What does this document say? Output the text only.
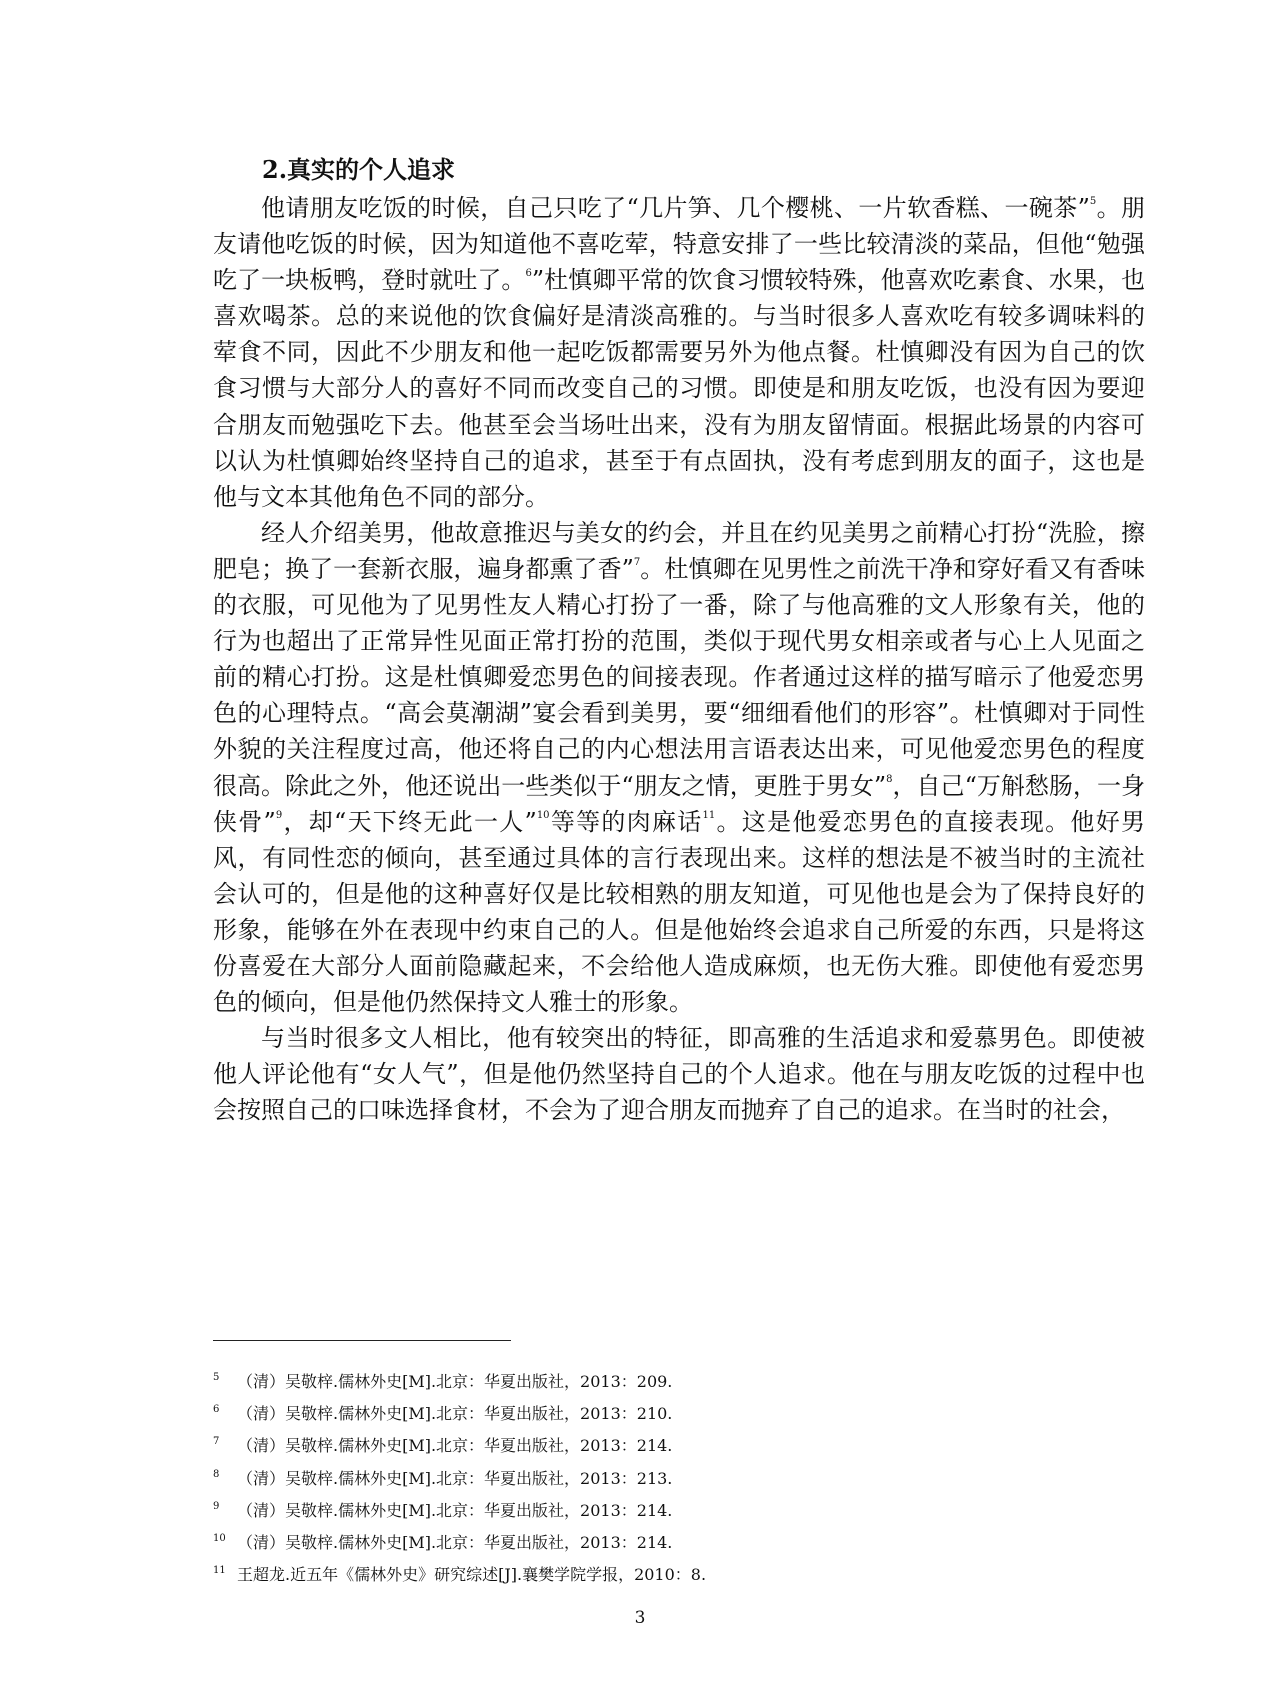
2.真实的个人追求

他请朋友吃饭的时候，自己只吃了“几片笋、几个樱桃、一片软香糕、一碗茶”$^5$。朋友请他吃饭的时候，因为知道他不喜吃荤，特意安排了一些比较清淡的菜品，但他“勉强吃了一块板鸭，登时就吐了。$^6$”杜慎卿平常的饮食习惯较特殊，他喜欢吃素食、水果，也喜欢喝茶。总的来说他的饮食偏好是清淡高雅的。与当时很多人喜欢吃有较多调味料的荤食不同，因此不少朋友和他一起吃饭都需要另外为他点餐。杜慎卿没有因为自己的饮食习惯与大部分人的喜好不同而改变自己的习惯。即使是和朋友吃饭，也没有因为要迎合朋友而勉强吃下去。他甚至会当场吐出来，没有为朋友留情面。根据此场景的内容可以认为杜慎卿始终坚持自己的追求，甚至于有点固执，没有考虑到朋友的面子，这也是他与文本其他角色不同的部分。

经人介绍美男，他故意推迟与美女的约会，并且在约见美男之前精心打扮“洗脸，擦肥皂；换了一套新衣服，遍身都熏了香”$^7$。杜慎卿在见男性之前洗干净和穿好看又有香味的衣服，可见他为了见男性友人精心打扮了一番，除了与他高雅的文人形象有关，他的行为也超出了正常异性见面正常打扮的范围，类似于现代男女相亲或者与心上人见面之前的精心打扮。这是杜慎卿爱恋男色的间接表现。作者通过这样的描写暗示了他爱恋男色的心理特点。“高会莫潮湖”宴会看到美男，要“细细看他们的形容”。杜慎卿对于同性外貌的关注程度过高，他还将自己的内心想法用言语表达出来，可见他爱恋男色的程度很高。除此之外，他还说出一些类似于“朋友之情，更胜于男女”$^8$，自己“万斛愁肠，一身侠骨”$^9$，却“天下终无此一人”$^{10}$等等的肉麻话$^{11}$。这是他爱恋男色的直接表现。他好男风，有同性恋的倾向，甚至通过具体的言行表现出来。这样的想法是不被当时的主流社会认可的，但是他的这种喜好仅是比较相熟的朋友知道，可见他也是会为了保持良好的形象，能够在外在表现中约束自己的人。但是他始终会追求自己所爱的东西，只是将这份喜爱在大部分人面前隐藏起来，不会给他人造成麻烦，也无伤大雅。即使他有爱恋男色的倾向，但是他仍然保持文人雅士的形象。

与当时很多文人相比，他有较突出的特征，即高雅的生活追求和爱慕男色。即使被他人评论他有“女人气”，但是他仍然坚持自己的个人追求。他在与朋友吃饭的过程中也会按照自己的口味选择食材，不会为了迎合朋友而抛弃了自己的追求。在当时的社会，

5 （清）吴敬梓.儒林外史[M].北京：华夏出版社，2013：209.
6 （清）吴敬梓.儒林外史[M].北京：华夏出版社，2013：210.
7 （清）吴敬梓.儒林外史[M].北京：华夏出版社，2013：214.
8 （清）吴敬梓.儒林外史[M].北京：华夏出版社，2013：213.
9 （清）吴敬梓.儒林外史[M].北京：华夏出版社，2013：214.
10 （清）吴敬梓.儒林外史[M].北京：华夏出版社，2013：214.
11 王超龙.近五年《儒林外史》研究综述[J].襄樊学院学报，2010：8.
3
